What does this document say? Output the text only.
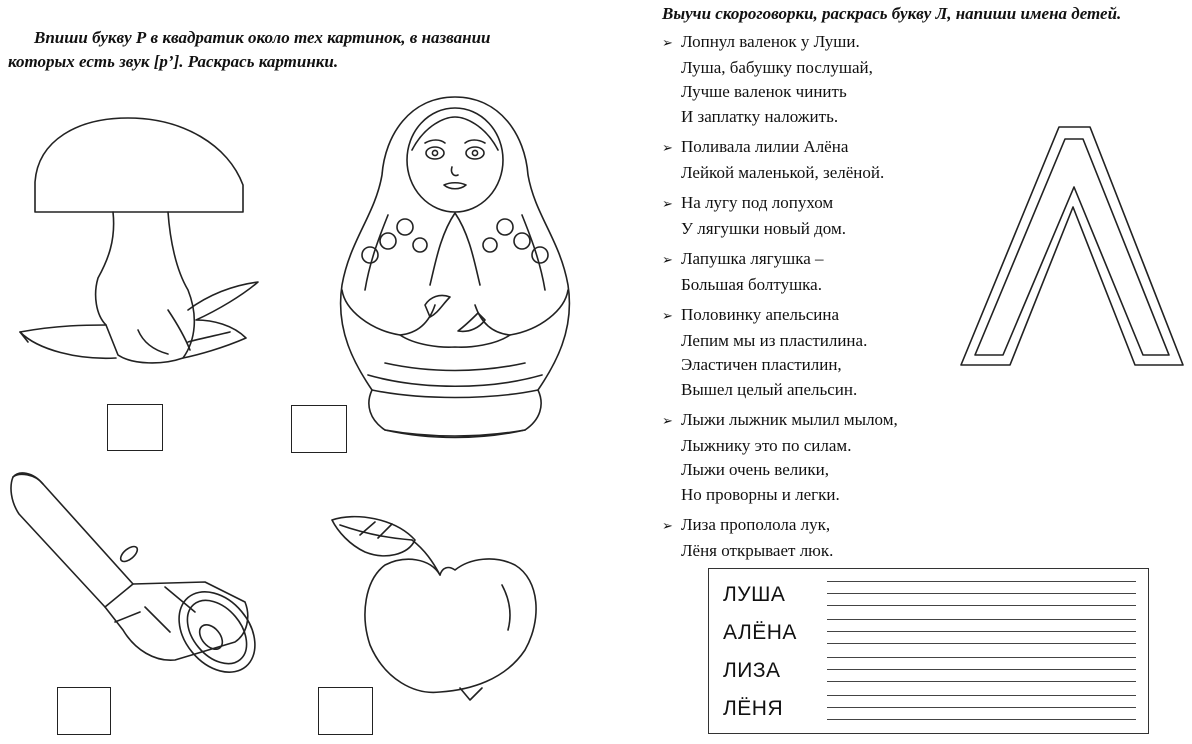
Впиши букву Р в квадратик около тех картинок, в названии
которых есть звук [р’]. Раскрась картинки.
Выучи скороговорки, раскрась букву Л, напиши имена детей.
➢ Лопнул валенок у Луши.
Луша, бабушку послушай,
Лучше валенок чинить
И заплатку наложить.
➢ Поливала лилии Алёна
Лейкой маленькой, зелёной.
➢ На лугу под лопухом
У лягушки новый дом.
➢ Лапушка лягушка –
Большая болтушка.
➢ Половинку апельсина
Лепим мы из пластилина.
Эластичен пластилин,
Вышел целый апельсин.
➢ Лыжи лыжник мылил мылом,
Лыжнику это по силам.
Лыжи очень велики,
Но проворны и легки.
➢ Лиза прополола лук,
Лёня открывает люк.
ЛУША
АЛЁНА
ЛИЗА
ЛЁНЯ
